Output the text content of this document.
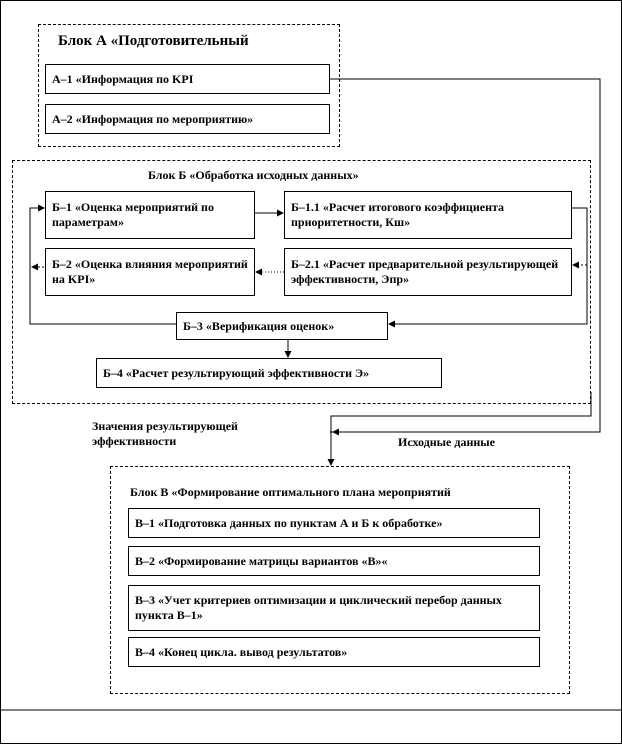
Блок А «Подготовительный
А–1 «Информация по KPI
А–2 «Информация по мероприятию»
Блок Б «Обработка исходных данных»
Б–1 «Оценка мероприятий по параметрам»
Б–1.1 «Расчет итогового коэффициента приоритетности, Кш»
Б–2 «Оценка влияния мероприятий на KPI»
Б–2.1 «Расчет предварительной результирующей эффективности, Эпр»
Б–3 «Верификация оценок»
Б–4 «Расчет результирующий эффективности Э»
Значения результирующей эффективности	Исходные данные
Блок В «Формирование оптимального плана мероприятий
В–1 «Подготовка данных по пунктам А и Б к обработке»
В–2 «Формирование матрицы вариантов «В»«
В–3 «Учет критериев оптимизации и циклический перебор данных пункта В–1»
В–4 «Конец цикла. вывод результатов»
